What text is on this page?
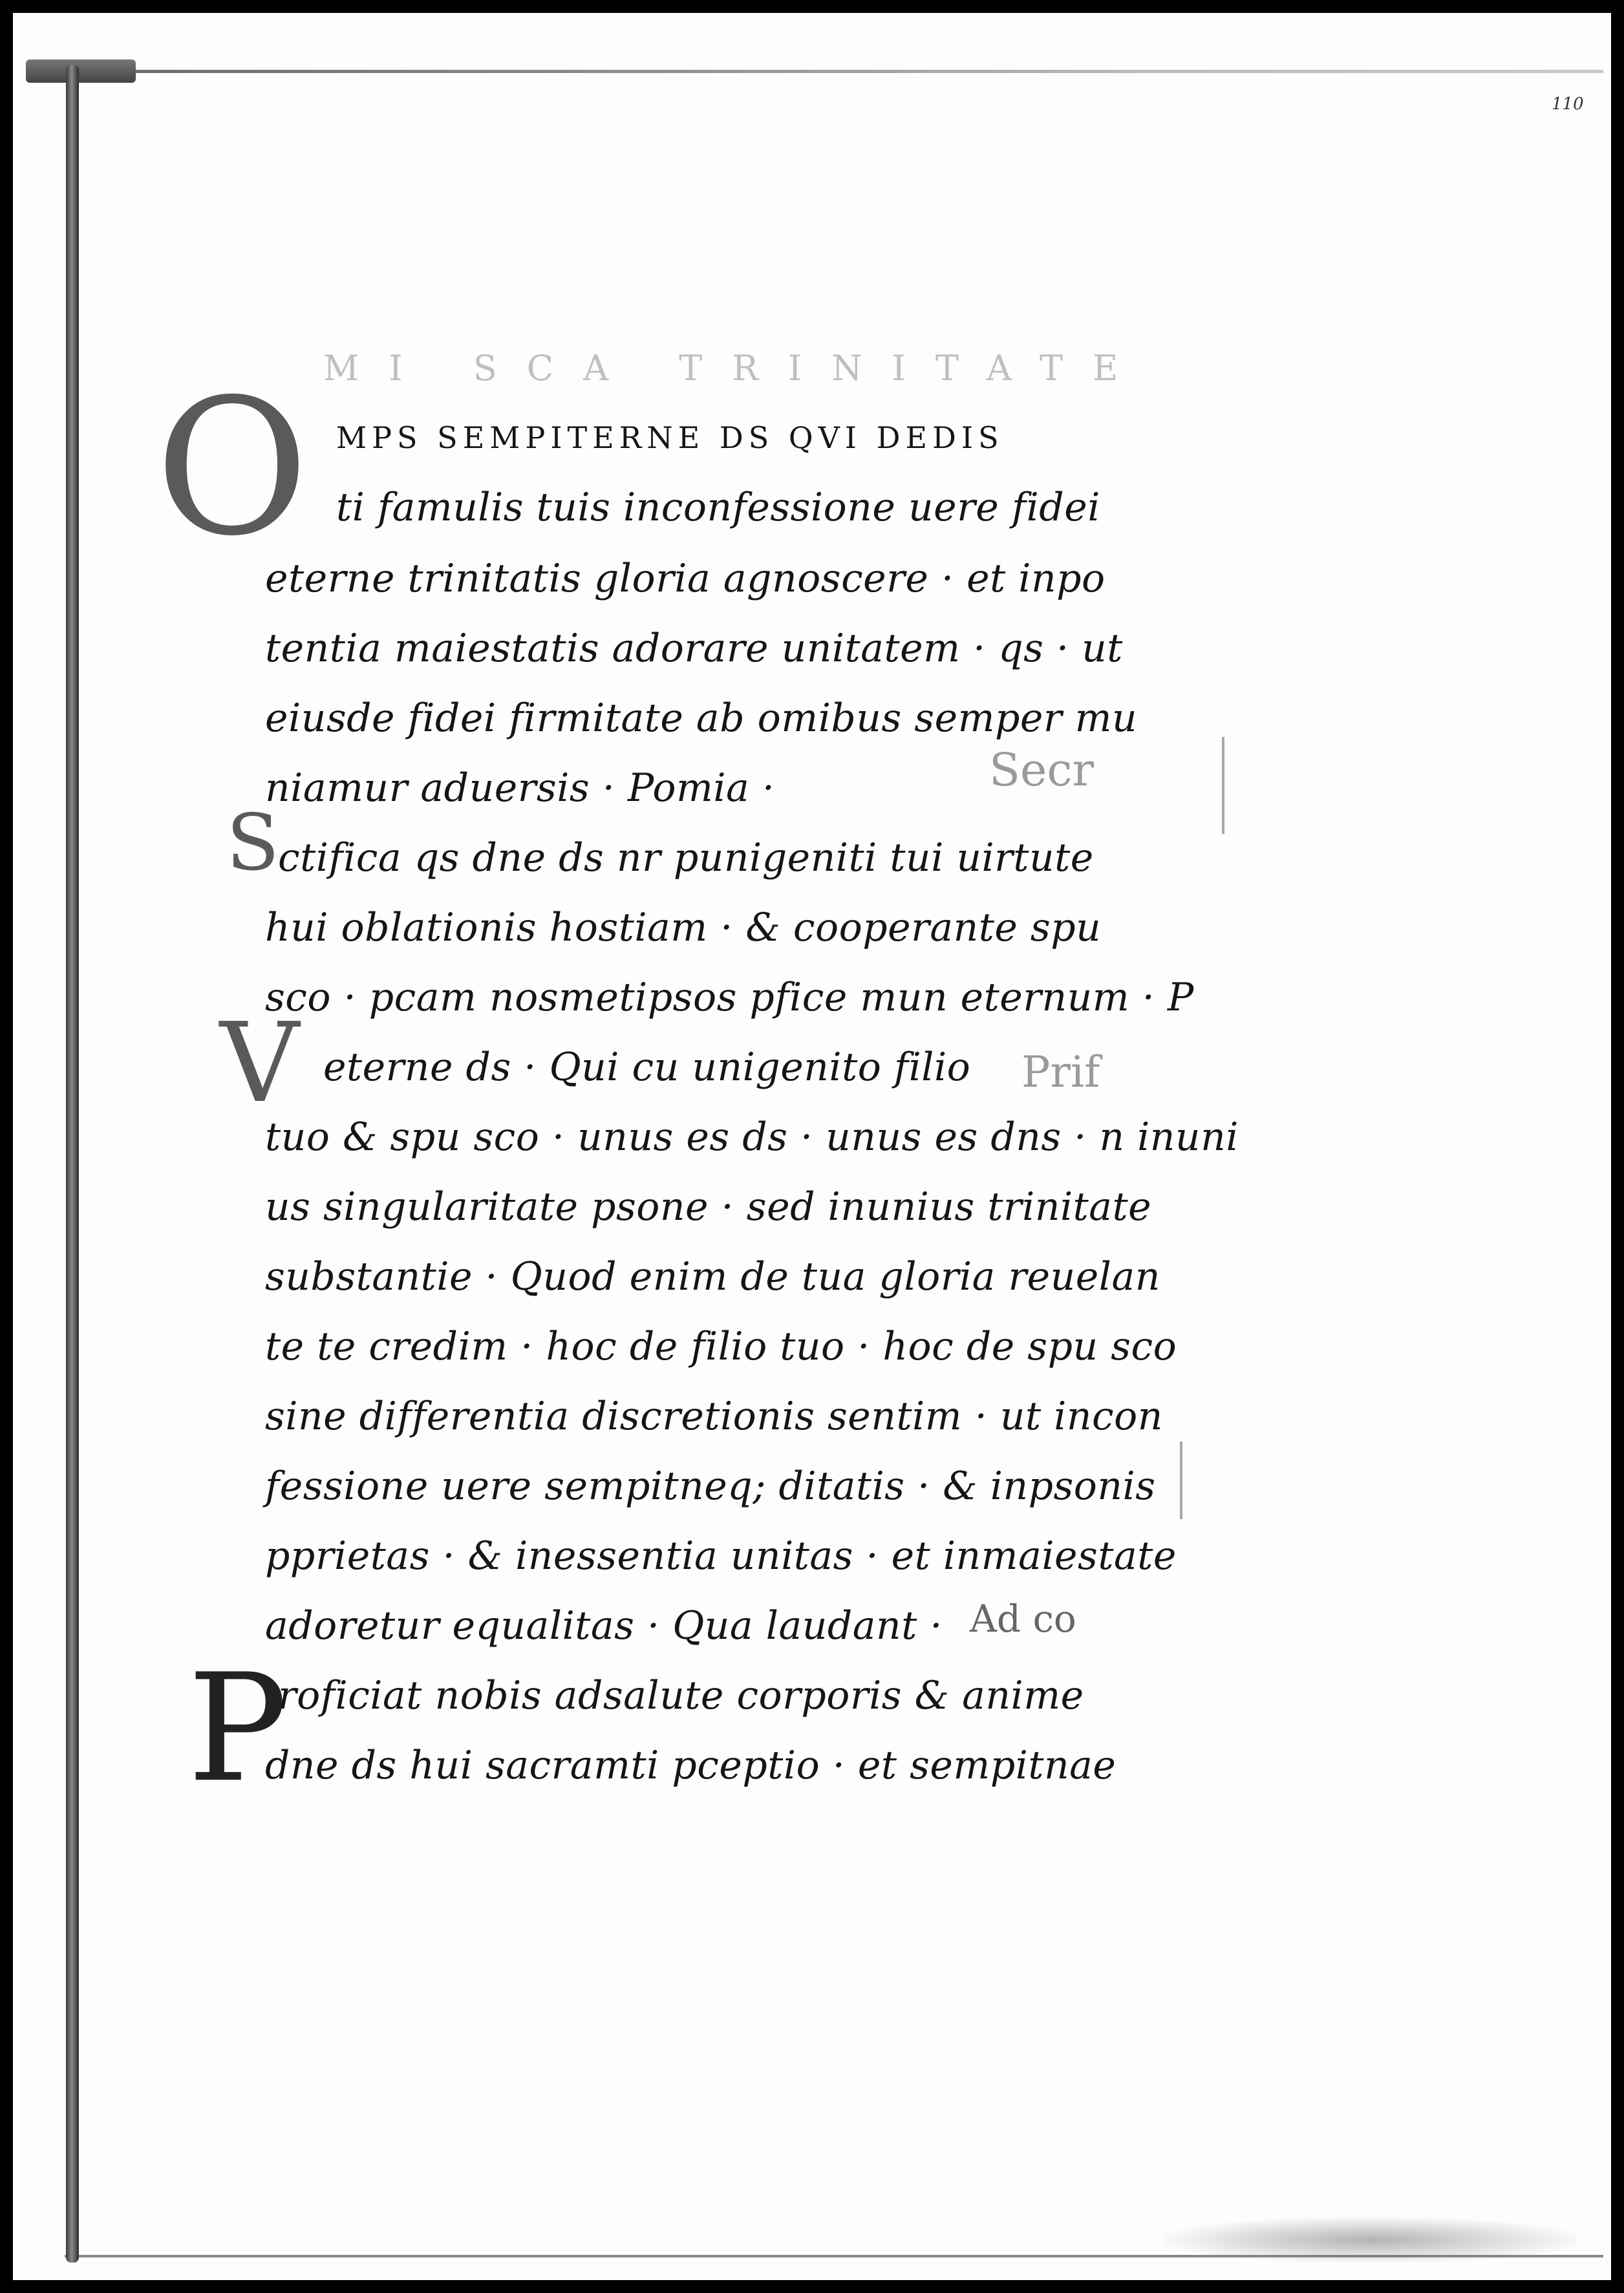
110
MI SCA TRINITATE
Secr
Prif
Ad co
O
S
V
P
MPS SEMPITERNE DS QVI DEDIS
ti famulis tuis inconfessione uere fidei
eterne trinitatis gloria agnoscere · et inpo
tentia maiestatis adorare unitatem · qs · ut
eiusde fidei firmitate ab omibus semper mu
niamur aduersis · Pomia ·
ctifica qs dne ds nr punigeniti tui uirtute
hui oblationis hostiam · & cooperante spu
sco · pcam nosmetipsos pfice mun eternum · P
eterne ds · Qui cu unigenito filio
tuo & spu sco · unus es ds · unus es dns · n inuni
us singularitate psone · sed inunius trinitate
substantie · Quod enim de tua gloria reuelan
te te credim · hoc de filio tuo · hoc de spu sco
sine differentia discretionis sentim · ut incon
fessione uere sempitneq; ditatis · & inpsonis
pprietas · & inessentia unitas · et inmaiestate
adoretur equalitas · Qua laudant ·
roficiat nobis adsalute corporis & anime
dne ds hui sacramti pceptio · et sempitnae
